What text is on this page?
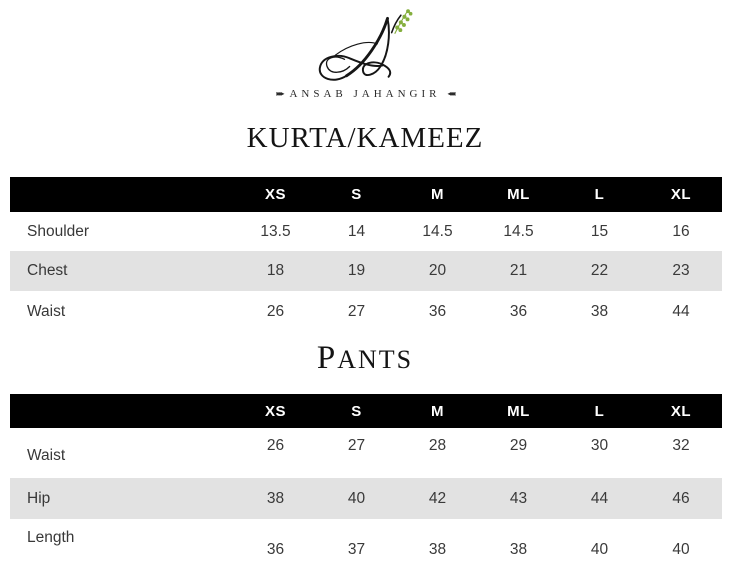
▸▸▸ ANSAB JAHANGIR ◂◂◂
KURTA/KAMEEZ
	XS	S	M	ML	L	XL
Shoulder	13.5	14	14.5	14.5	15	16
Chest	18	19	20	21	22	23
Waist	26	27	36	36	38	44
PANTS
	XS	S	M	ML	L	XL
Waist	26	27	28	29	30	32
Hip	38	40	42	43	44	46
Length	36	37	38	38	40	40
